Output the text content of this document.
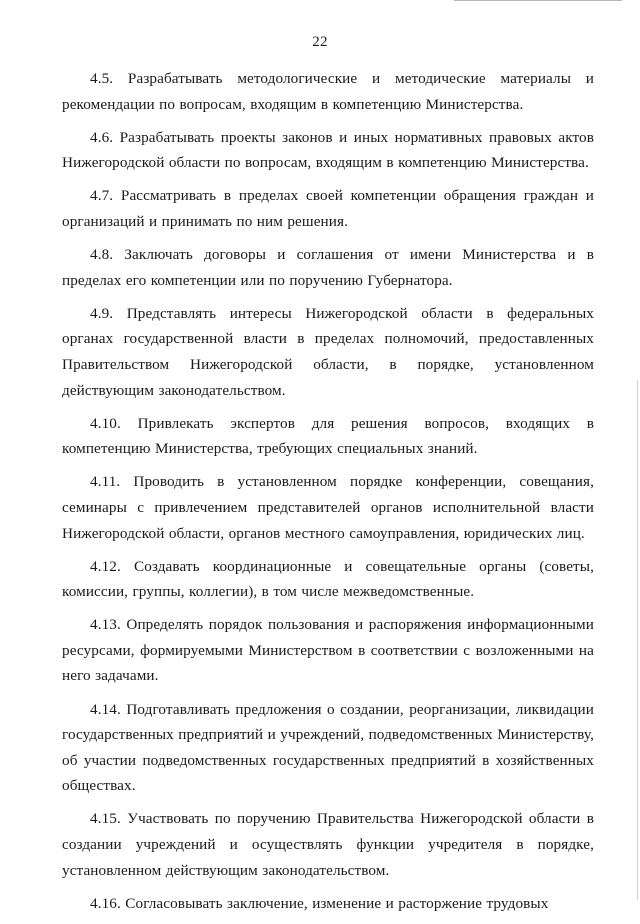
22

4.5. Разрабатывать методологические и методические материалы и рекомендации по вопросам, входящим в компетенцию Министерства.

4.6. Разрабатывать проекты законов и иных нормативных правовых актов Нижегородской области по вопросам, входящим в компетенцию Министерства.

4.7. Рассматривать в пределах своей компетенции обращения граждан и организаций и принимать по ним решения.

4.8. Заключать договоры и соглашения от имени Министерства и в пределах его компетенции или по поручению Губернатора.

4.9. Представлять интересы Нижегородской области в федеральных органах государственной власти в пределах полномочий, предоставленных Правительством Нижегородской области, в порядке, установленном действующим законодательством.

4.10. Привлекать экспертов для решения вопросов, входящих в компетенцию Министерства, требующих специальных знаний.

4.11. Проводить в установленном порядке конференции, совещания, семинары с привлечением представителей органов исполнительной власти Нижегородской области, органов местного самоуправления, юридических лиц.

4.12. Создавать координационные и совещательные органы (советы, комиссии, группы, коллегии), в том числе межведомственные.

4.13. Определять порядок пользования и распоряжения информационными ресурсами, формируемыми Министерством в соответствии с возложенными на него задачами.

4.14. Подготавливать предложения о создании, реорганизации, ликвидации государственных предприятий и учреждений, подведомственных Министерству, об участии подведомственных государственных предприятий в хозяйственных обществах.

4.15. Участвовать по поручению Правительства Нижегородской области в создании учреждений и осуществлять функции учредителя в порядке, установленном действующим законодательством.

4.16. Согласовывать заключение, изменение и расторжение трудовых
